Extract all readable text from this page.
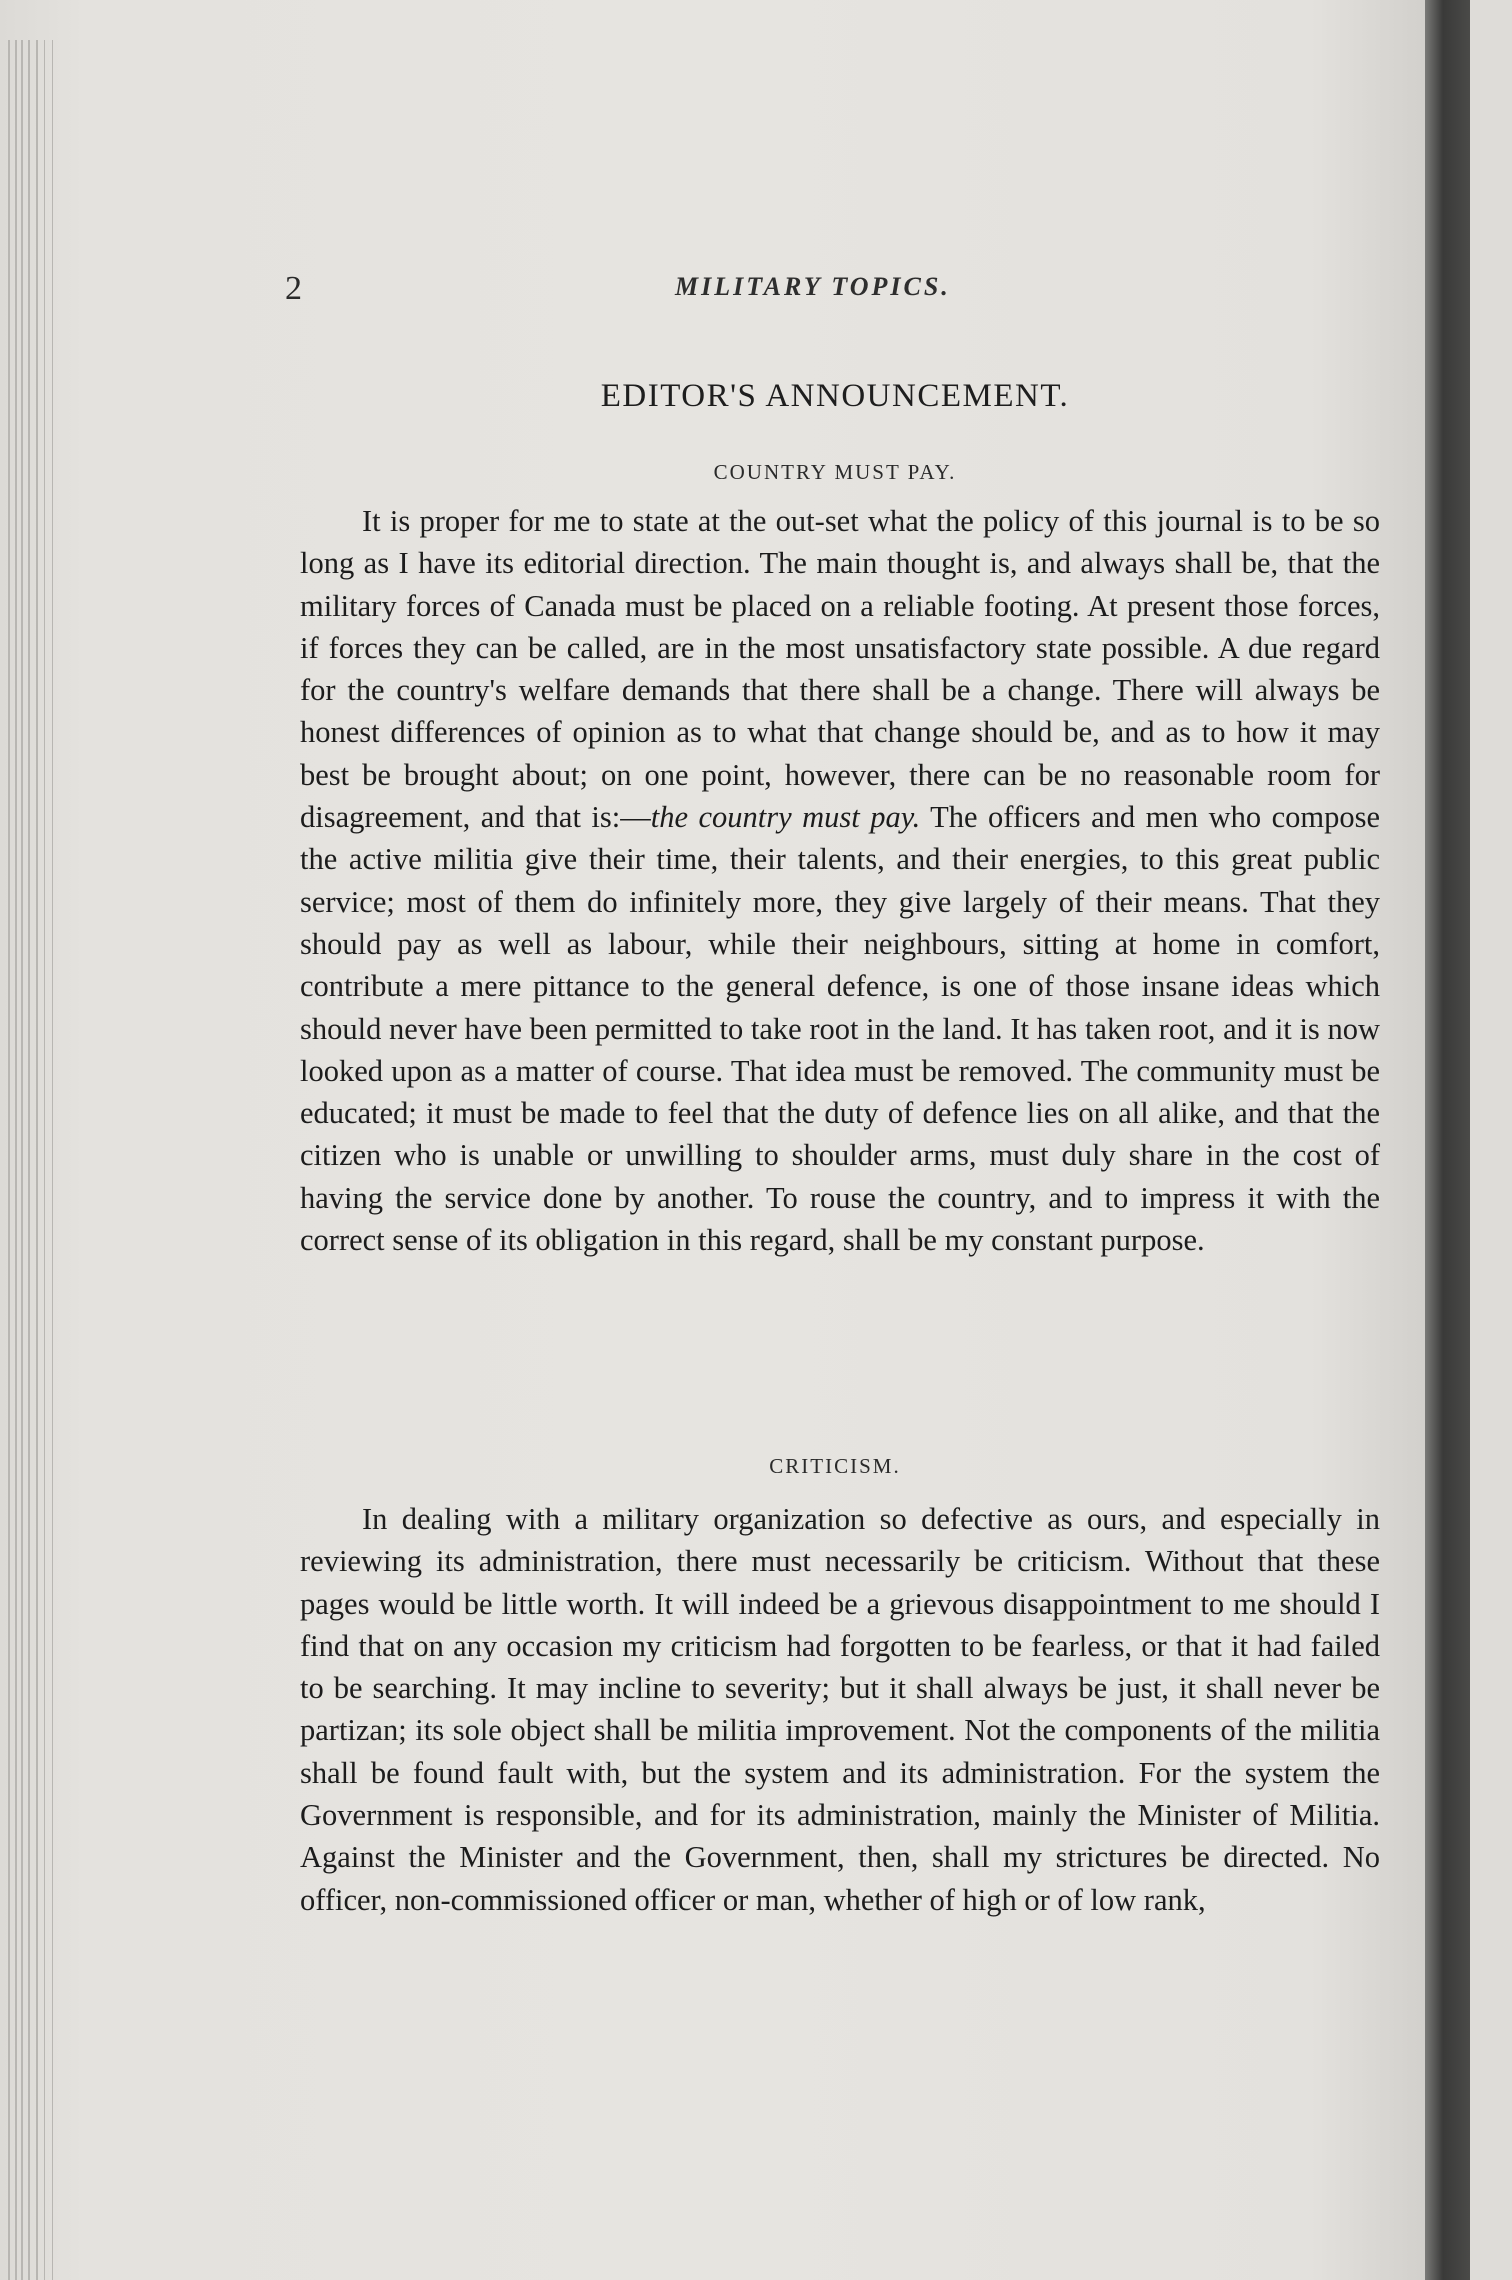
2	MILITARY TOPICS.
EDITOR'S ANNOUNCEMENT.
COUNTRY MUST PAY.

It is proper for me to state at the out-set what the policy of this journal is to be so long as I have its editorial direction. The main thought is, and always shall be, that the military forces of Canada must be placed on a reliable footing. At present those forces, if forces they can be called, are in the most unsatisfactory state possible. A due regard for the country's welfare demands that there shall be a change. There will always be honest differences of opinion as to what that change should be, and as to how it may best be brought about; on one point, however, there can be no reasonable room for disagreement, and that is:—the country must pay. The officers and men who compose the active militia give their time, their talents, and their energies, to this great public service; most of them do infinitely more, they give largely of their means. That they should pay as well as labour, while their neighbours, sitting at home in comfort, contribute a mere pittance to the general defence, is one of those insane ideas which should never have been permitted to take root in the land. It has taken root, and it is now looked upon as a matter of course. That idea must be removed. The community must be educated; it must be made to feel that the duty of defence lies on all alike, and that the citizen who is unable or unwilling to shoulder arms, must duly share in the cost of having the service done by another. To rouse the country, and to impress it with the correct sense of its obligation in this regard, shall be my constant purpose.

CRITICISM.

In dealing with a military organization so defective as ours, and especially in reviewing its administration, there must necessarily be criticism. Without that these pages would be little worth. It will indeed be a grievous disappointment to me should I find that on any occasion my criticism had forgotten to be fearless, or that it had failed to be searching. It may incline to severity; but it shall always be just, it shall never be partizan; its sole object shall be militia improvement. Not the components of the militia shall be found fault with, but the system and its administration. For the system the Government is responsible, and for its administration, mainly the Minister of Militia. Against the Minister and the Government, then, shall my strictures be directed. No officer, non-commissioned officer or man, whether of high or of low rank,
